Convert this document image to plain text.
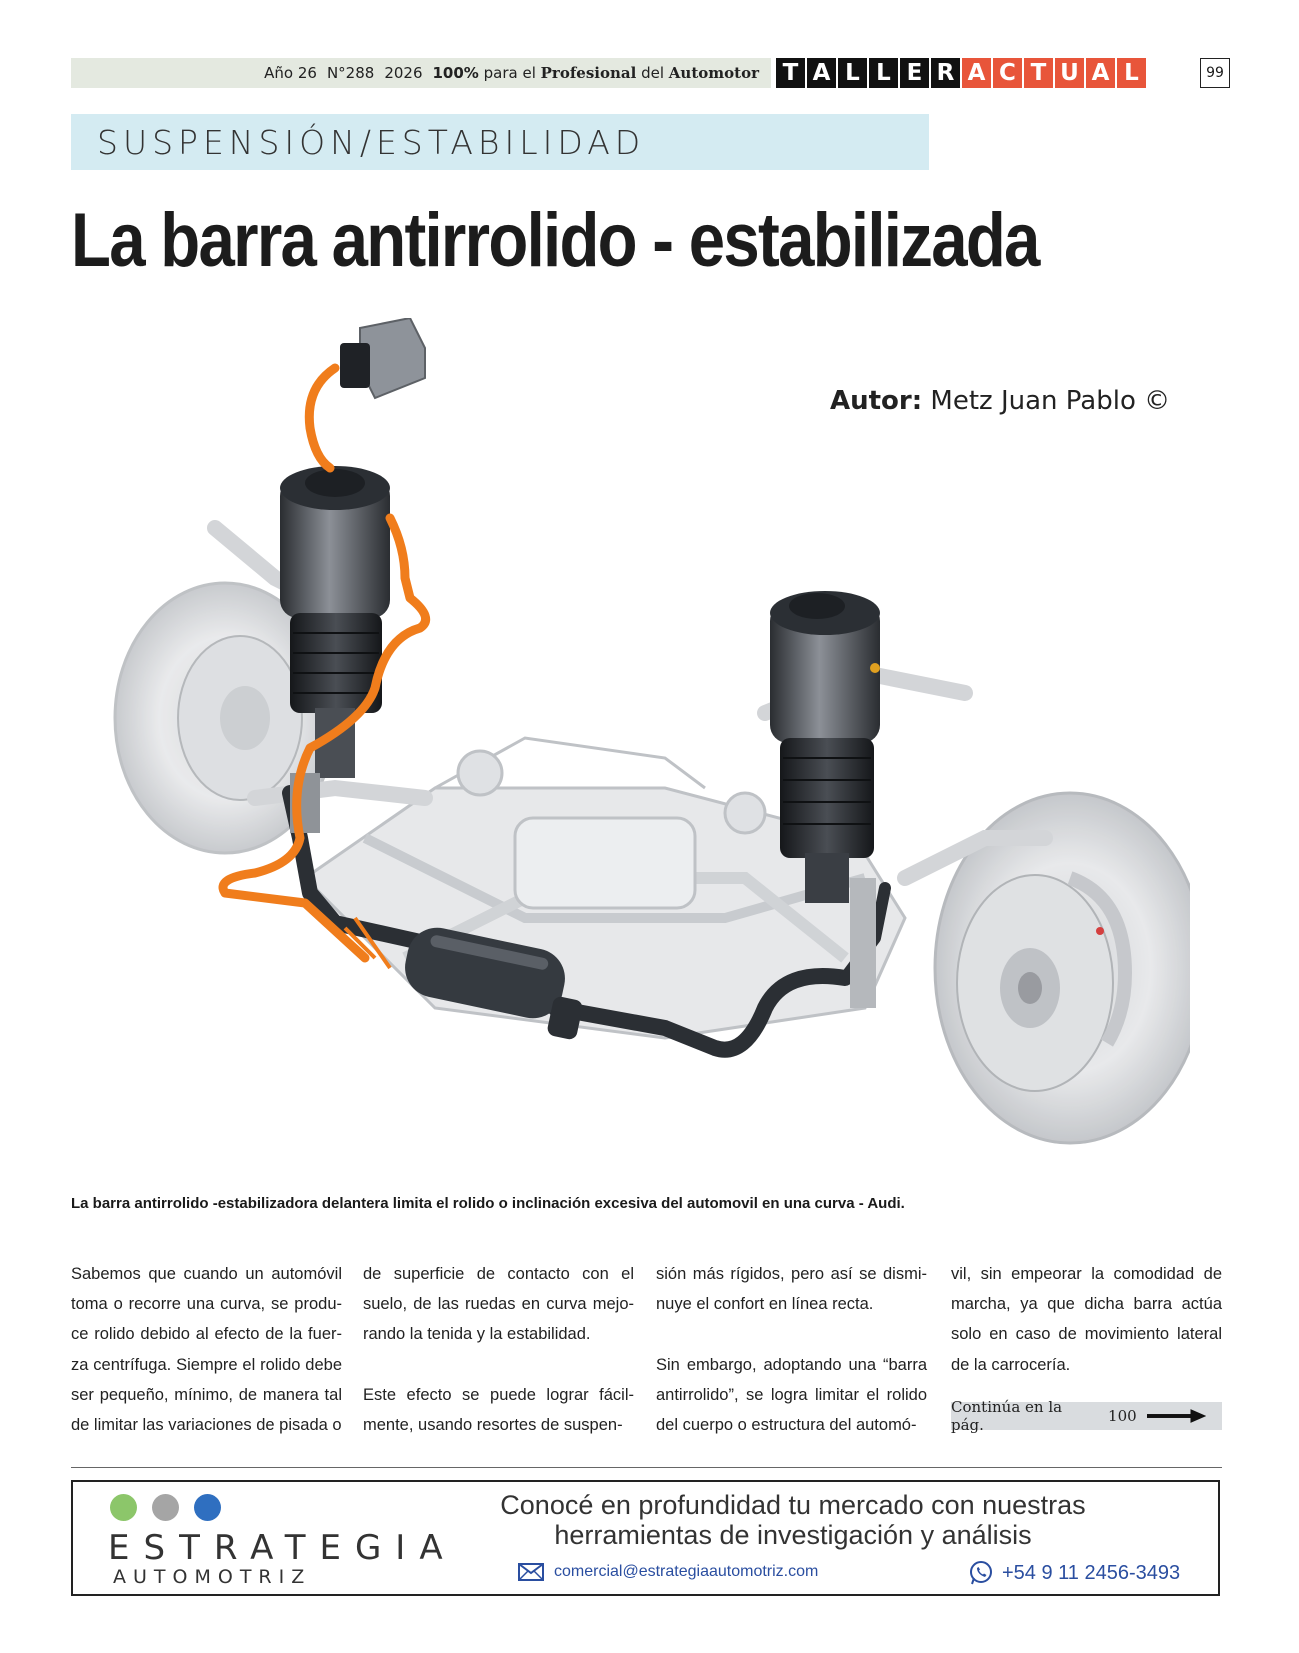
Año 26 N°288 2026 100% para el Profesional del Automotor T A L L E R A C T U A L	99
SUSPENSIÓN/ESTABILIDAD
La barra antirrolido - estabilizada
Autor: Metz Juan Pablo ©
La barra antirrolido -estabilizadora delantera limita el rolido o inclinación excesiva del automovil en una curva - Audi.

Sabemos que cuando un automóvil toma o recorre una curva, se produ-ce rolido debido al efecto de la fuer-za centrífuga. Siempre el rolido debe ser pequeño, mínimo, de manera tal de limitar las variaciones de pisada o

de superficie de contacto con el suelo, de las ruedas en curva mejo-rando la tenida y la estabilidad.

Este efecto se puede lograr fácil-mente, usando resortes de suspen-

sión más rígidos, pero así se dismi-nuye el confort en línea recta.

Sin embargo, adoptando una “barra antirrolido”, se logra limitar el rolido del cuerpo o estructura del automó-

vil, sin empeorar la comodidad de marcha, ya que dicha barra actúa solo en caso de movimiento lateral de la carrocería.

Continúa en la pág.	100
ESTRATEGIA
AUTOMOTRIZ
Conocé en profundidad tu mercado con nuestras
herramientas de investigación y análisis
comercial@estrategiaautomotriz.com	+54 9 11 2456-3493
